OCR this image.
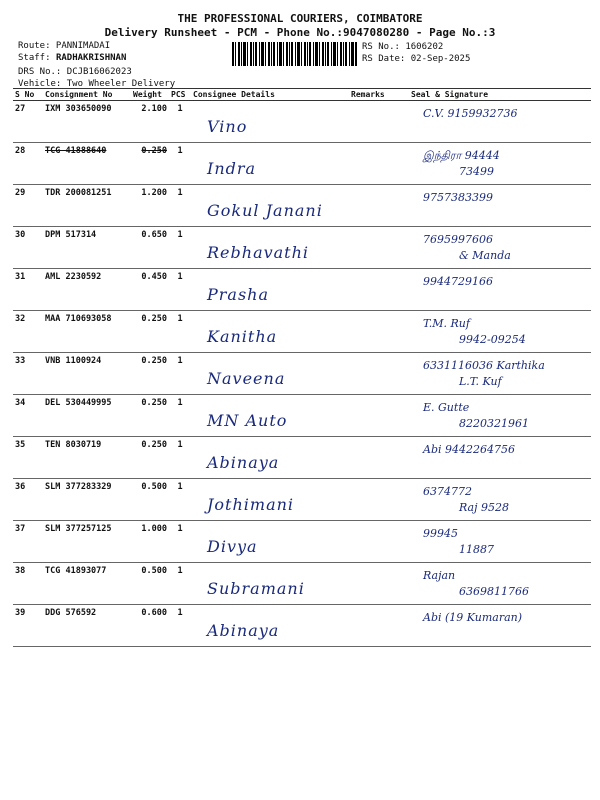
THE PROFESSIONAL COURIERS, COIMBATORE
Delivery Runsheet - PCM - Phone No.:9047080280 - Page No.:3
Route: PANNIMADAI
Staff: RADHAKRISHNAN
DRS No.: DCJB16062023
Vehicle: Two Wheeler Delivery
RS No.: 1606202
RS Date: 02-Sep-2025
S No	Consignment No	Weight	PCS	Consignee Details	Remarks	Seal & Signature
27	IXM 303650090	2.100	1	Vino		C.V. 9159932736

28	TCG 41888640	0.250	1	Indra		இந்திரா 94444
73499

29	TDR 200081251	1.200	1	Gokul Janani		9757383399

30	DPM 517314	0.650	1	Rebhavathi		7695997606
& Manda

31	AML 2230592	0.450	1	Prasha		9944729166

32	MAA 710693058	0.250	1	Kanitha		T.M. Ruf
9942-09254

33	VNB 1100924	0.250	1	Naveena		6331116036 Karthika
L.T. Kuf

34	DEL 530449995	0.250	1	MN Auto		E. Gutte
8220321961

35	TEN 8030719	0.250	1	Abinaya		Abi 9442264756

36	SLM 377283329	0.500	1	Jothimani		6374772
Raj 9528

37	SLM 377257125	1.000	1	Divya		99945
11887

38	TCG 41893077	0.500	1	Subramani		Rajan
6369811766

39	DDG 576592	0.600	1	Abinaya		Abi (19 Kumaran)
